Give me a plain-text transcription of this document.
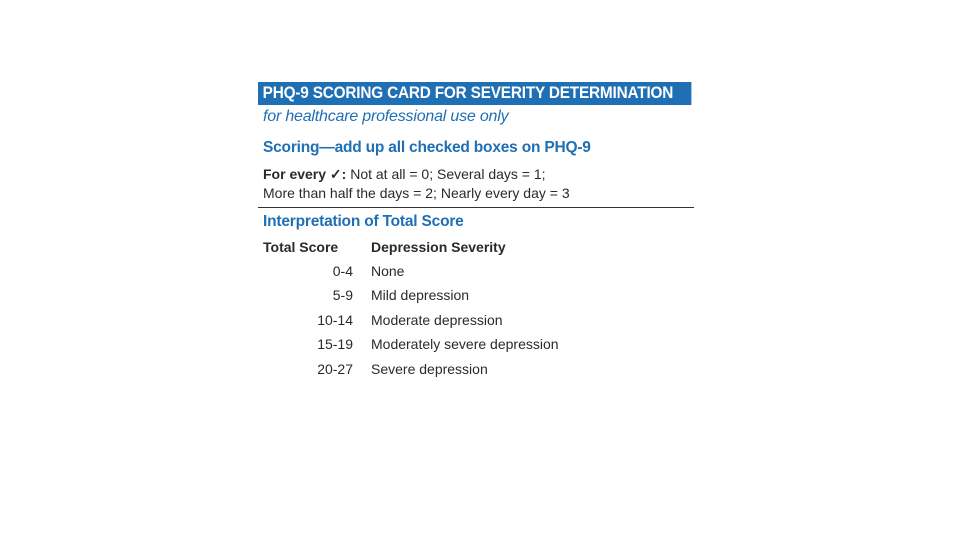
PHQ-9 SCORING CARD FOR SEVERITY DETERMINATION
for healthcare professional use only
Scoring—add up all checked boxes on PHQ-9
For every ✓: Not at all = 0; Several days = 1;
More than half the days = 2; Nearly every day = 3
Interpretation of Total Score
Total Score	Depression Severity
0-4	None
5-9	Mild depression
10-14	Moderate depression
15-19	Moderately severe depression
20-27	Severe depression
